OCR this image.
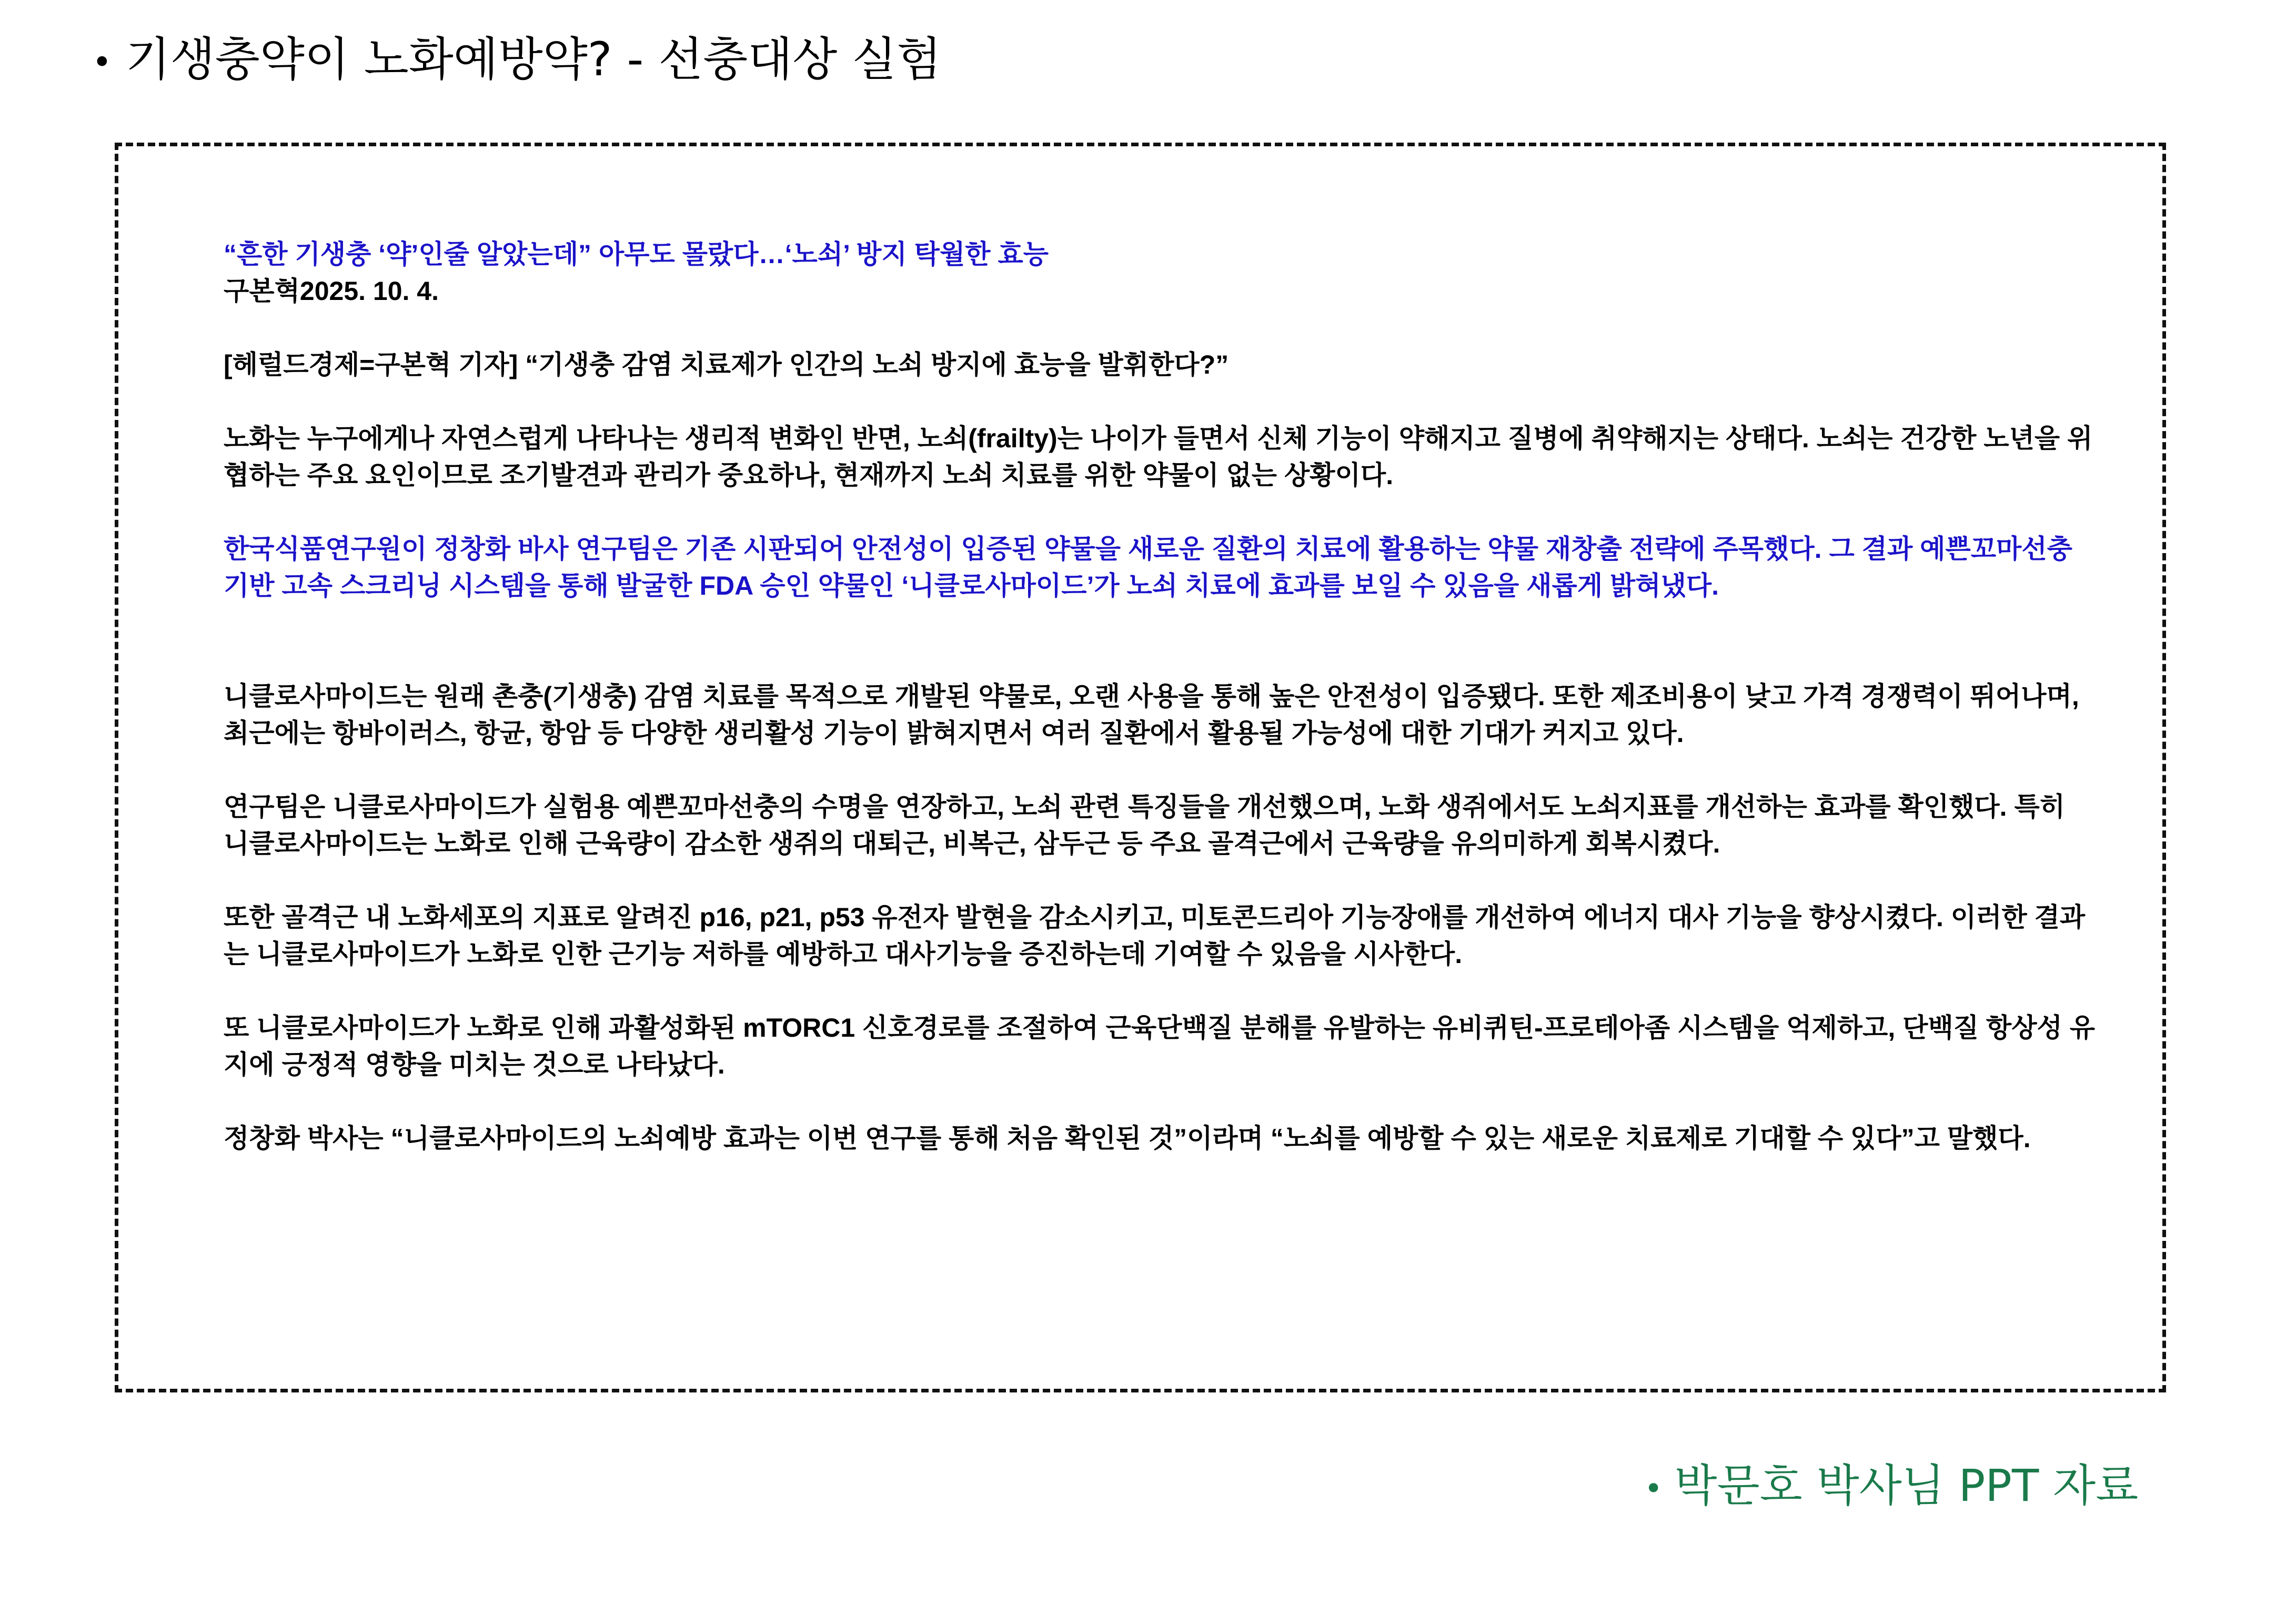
• 기생충약이 노화예방약? - 선충대상 실험

“흔한 기생충 ‘약’인줄 알았는데” 아무도 몰랐다…‘노쇠’ 방지 탁월한 효능

구본혁2025. 10. 4.

[헤럴드경제=구본혁 기자] “기생충 감염 치료제가 인간의 노쇠 방지에 효능을 발휘한다?”

노화는 누구에게나 자연스럽게 나타나는 생리적 변화인 반면, 노쇠(frailty)는 나이가 들면서 신체 기능이 약해지고 질병에 취약해지는 상태다. 노쇠는 건강한 노년을 위협하는 주요 요인이므로 조기발견과 관리가 중요하나, 현재까지 노쇠 치료를 위한 약물이 없는 상황이다.

한국식품연구원이 정창화 바사 연구팀은 기존 시판되어 안전성이 입증된 약물을 새로운 질환의 치료에 활용하는 약물 재창출 전략에 주목했다. 그 결과 예쁜꼬마선충 기반 고속 스크리닝 시스템을 통해 발굴한 FDA 승인 약물인 ‘니클로사마이드’가 노쇠 치료에 효과를 보일 수 있음을 새롭게 밝혀냈다.

니클로사마이드는 원래 촌충(기생충) 감염 치료를 목적으로 개발된 약물로, 오랜 사용을 통해 높은 안전성이 입증됐다. 또한 제조비용이 낮고 가격 경쟁력이 뛰어나며, 최근에는 항바이러스, 항균, 항암 등 다양한 생리활성 기능이 밝혀지면서 여러 질환에서 활용될 가능성에 대한 기대가 커지고 있다.

연구팀은 니클로사마이드가 실험용 예쁜꼬마선충의 수명을 연장하고, 노쇠 관련 특징들을 개선했으며, 노화 생쥐에서도 노쇠지표를 개선하는 효과를 확인했다. 특히 니클로사마이드는 노화로 인해 근육량이 감소한 생쥐의 대퇴근, 비복근, 삼두근 등 주요 골격근에서 근육량을 유의미하게 회복시켰다.

또한 골격근 내 노화세포의 지표로 알려진 p16, p21, p53 유전자 발현을 감소시키고, 미토콘드리아 기능장애를 개선하여 에너지 대사 기능을 향상시켰다. 이러한 결과는 니클로사마이드가 노화로 인한 근기능 저하를 예방하고 대사기능을 증진하는데 기여할 수 있음을 시사한다.

또 니클로사마이드가 노화로 인해 과활성화된 mTORC1 신호경로를 조절하여 근육단백질 분해를 유발하는 유비퀴틴-프로테아좀 시스템을 억제하고, 단백질 항상성 유지에 긍정적 영향을 미치는 것으로 나타났다.

정창화 박사는 “니클로사마이드의 노쇠예방 효과는 이번 연구를 통해 처음 확인된 것”이라며 “노쇠를 예방할 수 있는 새로운 치료제로 기대할 수 있다”고 말했다.

• 박문호 박사님 PPT 자료
